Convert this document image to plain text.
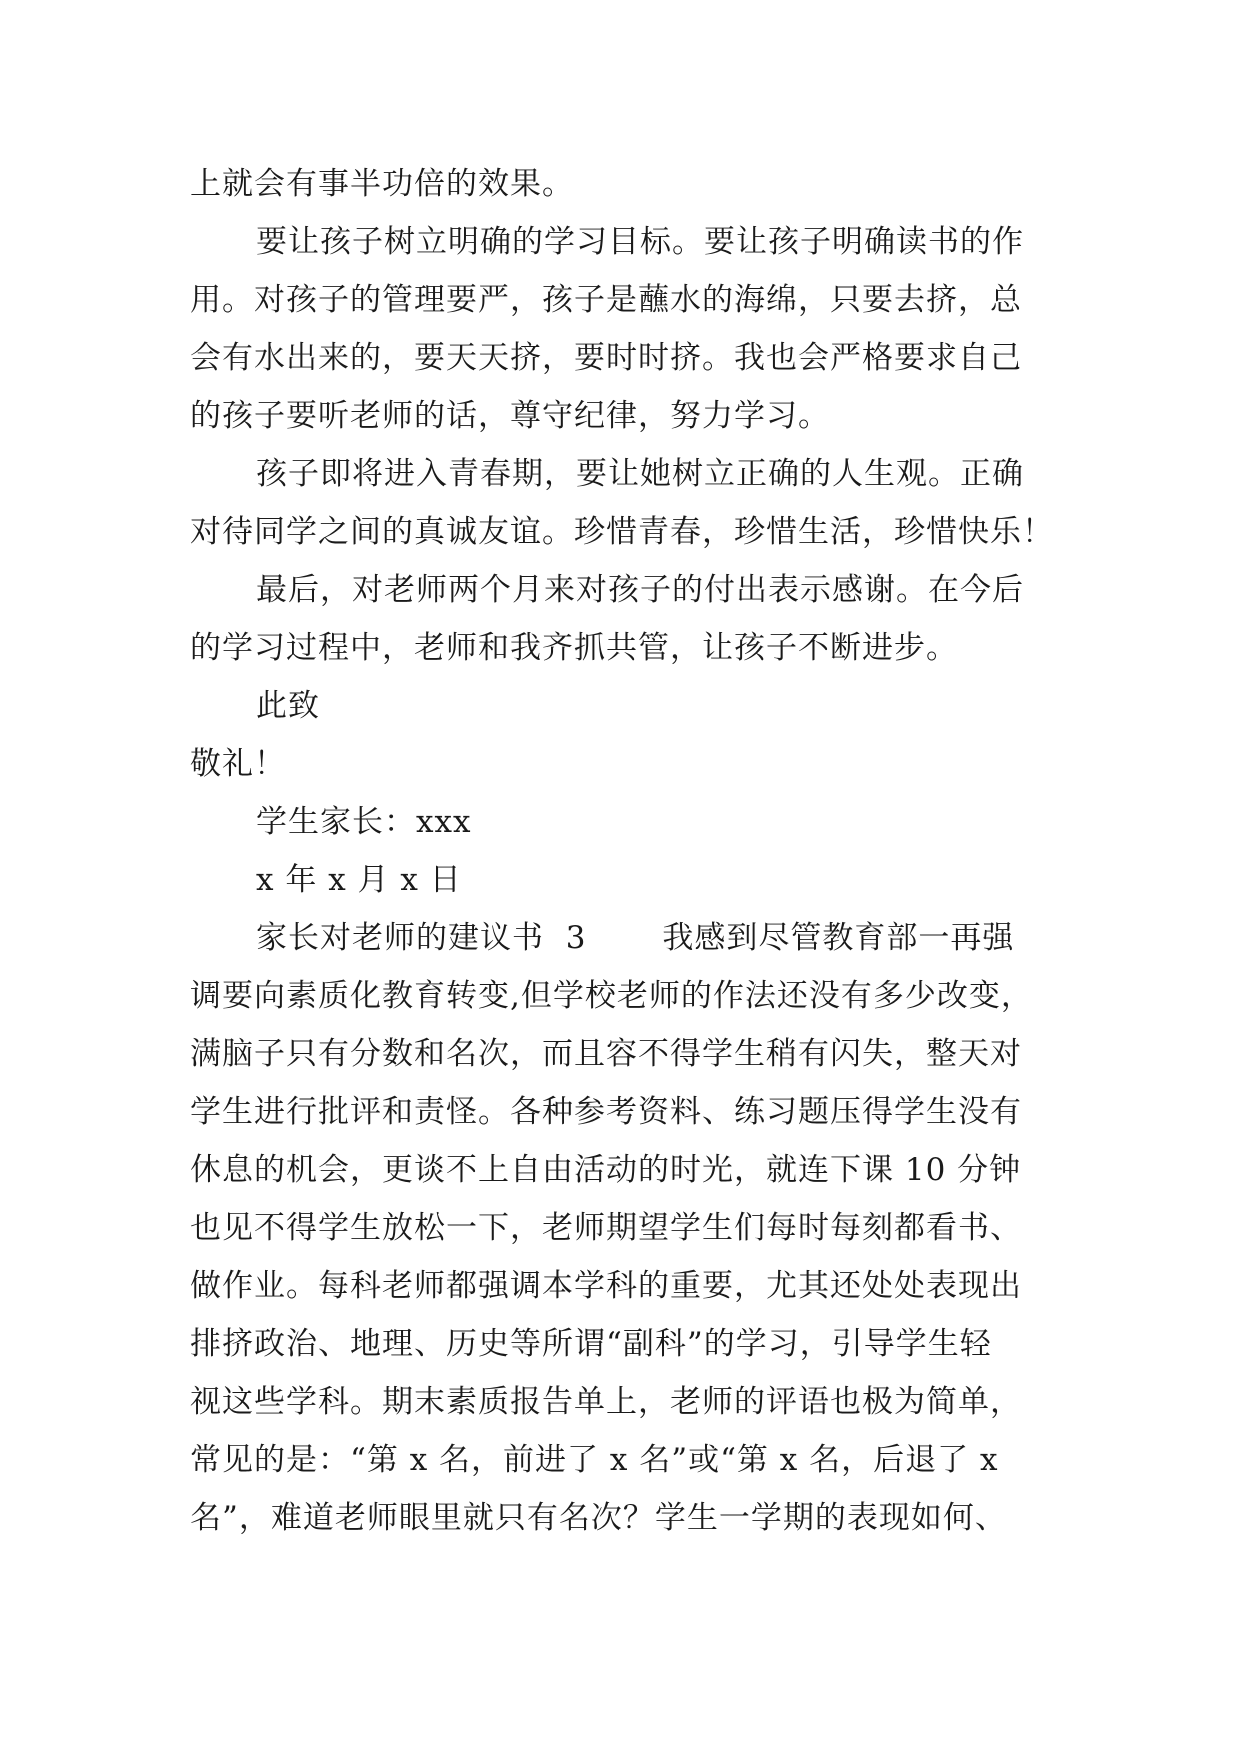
上就会有事半功倍的效果。
要让孩子树立明确的学习目标。要让孩子明确读书的作
用。对孩子的管理要严，孩子是蘸水的海绵，只要去挤，总
会有水出来的，要天天挤，要时时挤。我也会严格要求自己
的孩子要听老师的话，尊守纪律，努力学习。
孩子即将进入青春期，要让她树立正确的人生观。正确
对待同学之间的真诚友谊。珍惜青春，珍惜生活，珍惜快乐！
最后，对老师两个月来对孩子的付出表示感谢。在今后
的学习过程中，老师和我齐抓共管，让孩子不断进步。
此致
敬礼！
学生家长：xxx
x 年 x 月 x 日
家长对老师的建议书  3       我感到尽管教育部一再强
调要向素质化教育转变,但学校老师的作法还没有多少改变，
满脑子只有分数和名次，而且容不得学生稍有闪失，整天对
学生进行批评和责怪。各种参考资料、练习题压得学生没有
休息的机会，更谈不上自由活动的时光，就连下课 10 分钟
也见不得学生放松一下，老师期望学生们每时每刻都看书、
做作业。每科老师都强调本学科的重要，尤其还处处表现出
排挤政治、地理、历史等所谓“副科”的学习，引导学生轻
视这些学科。期末素质报告单上，老师的评语也极为简单，
常见的是：“第 x 名，前进了 x 名”或“第 x 名，后退了 x
名”，难道老师眼里就只有名次？学生一学期的表现如何、
